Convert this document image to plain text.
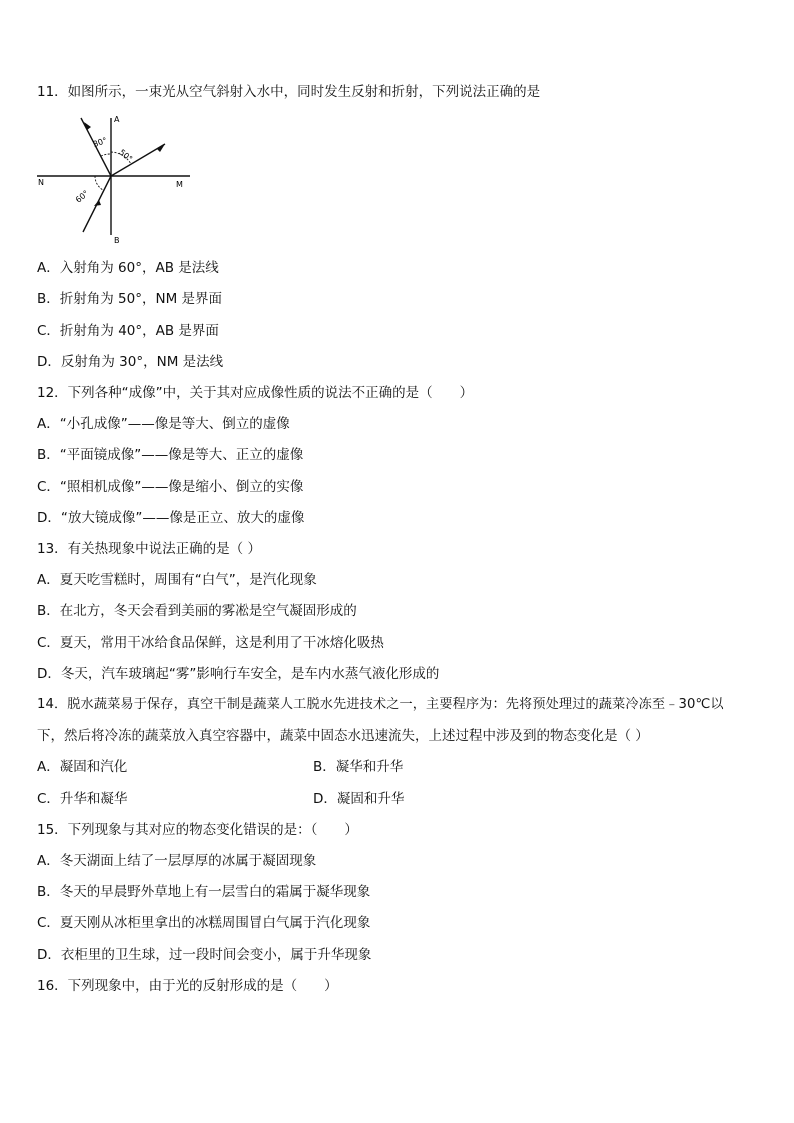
11．如图所示，一束光从空气斜射入水中，同时发生反射和折射，下列说法正确的是
A
B
N	M
30°
50°
60°
A．入射角为 60°，AB 是法线
B．折射角为 50°，NM 是界面
C．折射角为 40°，AB 是界面
D．反射角为 30°，NM 是法线
12．下列各种“成像”中，关于其对应成像性质的说法不正确的是（　　）
A．“小孔成像”——像是等大、倒立的虚像
B．“平面镜成像”——像是等大、正立的虚像
C．“照相机成像”——像是缩小、倒立的实像
D．“放大镜成像”——像是正立、放大的虚像
13．有关热现象中说法正确的是（ ）
A．夏天吃雪糕时，周围有“白气”，是汽化现象
B．在北方，冬天会看到美丽的雾凇是空气凝固形成的
C．夏天，常用干冰给食品保鲜，这是利用了干冰熔化吸热
D．冬天，汽车玻璃起“雾”影响行车安全，是车内水蒸气液化形成的
14．脱水蔬菜易于保存，真空干制是蔬菜人工脱水先进技术之一，主要程序为：先将预处理过的蔬菜冷冻至﹣30℃以
下，然后将冷冻的蔬菜放入真空容器中，蔬菜中固态水迅速流失，上述过程中涉及到的物态变化是（ ）
A．凝固和汽化	B．凝华和升华
C．升华和凝华	D．凝固和升华
15．下列现象与其对应的物态变化错误的是：（　　）
A．冬天湖面上结了一层厚厚的冰属于凝固现象
B．冬天的早晨野外草地上有一层雪白的霜属于凝华现象
C．夏天刚从冰柜里拿出的冰糕周围冒白气属于汽化现象
D．衣柜里的卫生球，过一段时间会变小，属于升华现象
16．下列现象中，由于光的反射形成的是（　　）
